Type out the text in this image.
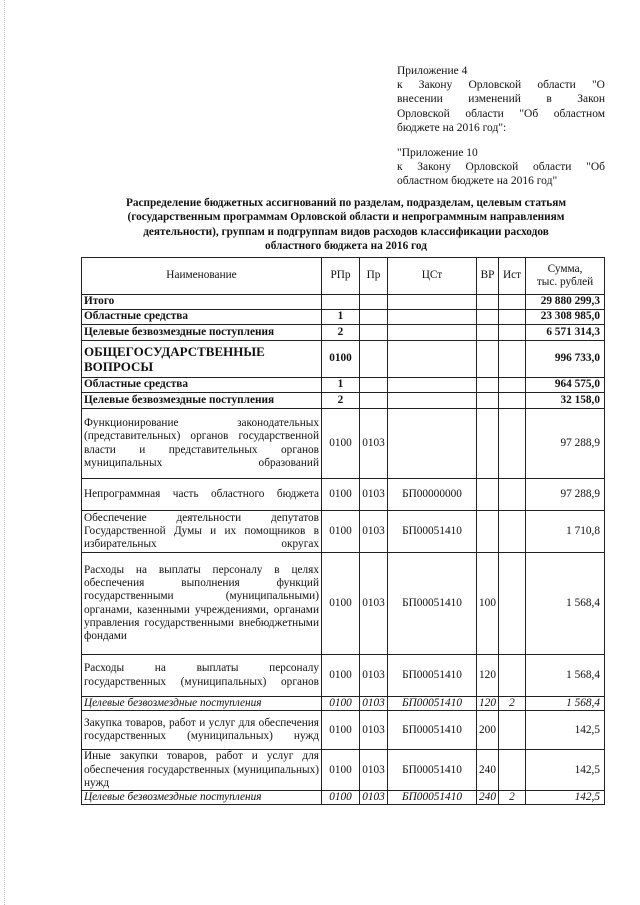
Приложение 4
к Закону Орловской области "О
внесении изменений в Закон
Орловской области "Об областном
бюджете на 2016 год":
"Приложение 10
к Закону Орловской области "Об
областном бюджете на 2016 год"
Распределение бюджетных ассигнований по разделам, подразделам, целевым статьям
(государственным программам Орловской области и непрограммным направлениям
деятельности), группам и подгруппам видов расходов классификации расходов
областного бюджета на 2016 год
Наименование	РПр	Пр	ЦСт	ВР	Ист	Сумма,
тыс. рублей

Итого						29 880 299,3
Областные средства	1					23 308 985,0
Целевые безвозмездные поступления	2					6 571 314,3
ОБЩЕГОСУДАРСТВЕННЫЕ ВОПРОСЫ	0100					996 733,0
Областные средства	1					964 575,0
Целевые безвозмездные поступления	2					32 158,0
Функционирование законодательных (представительных) органов государственной власти и представительных органов муниципальных образований	0100	0103				97 288,9
Непрограммная часть областного бюджета	0100	0103	БП00000000			97 288,9
Обеспечение деятельности депутатов Государственной Думы и их помощников в избирательных округах	0100	0103	БП00051410			1 710,8
Расходы на выплаты персоналу в целях обеспечения выполнения функций государственными (муниципальными) органами, казенными учреждениями, органами управления государственными внебюджетными фондами	0100	0103	БП00051410	100		1 568,4
Расходы на выплаты персоналу государственных (муниципальных) органов	0100	0103	БП00051410	120		1 568,4
Целевые безвозмездные поступления	0100	0103	БП00051410	120	2	1 568,4
Закупка товаров, работ и услуг для обеспечения государственных (муниципальных) нужд	0100	0103	БП00051410	200		142,5
Иные закупки товаров, работ и услуг для обеспечения государственных (муниципальных) нужд	0100	0103	БП00051410	240		142,5
Целевые безвозмездные поступления	0100	0103	БП00051410	240	2	142,5
